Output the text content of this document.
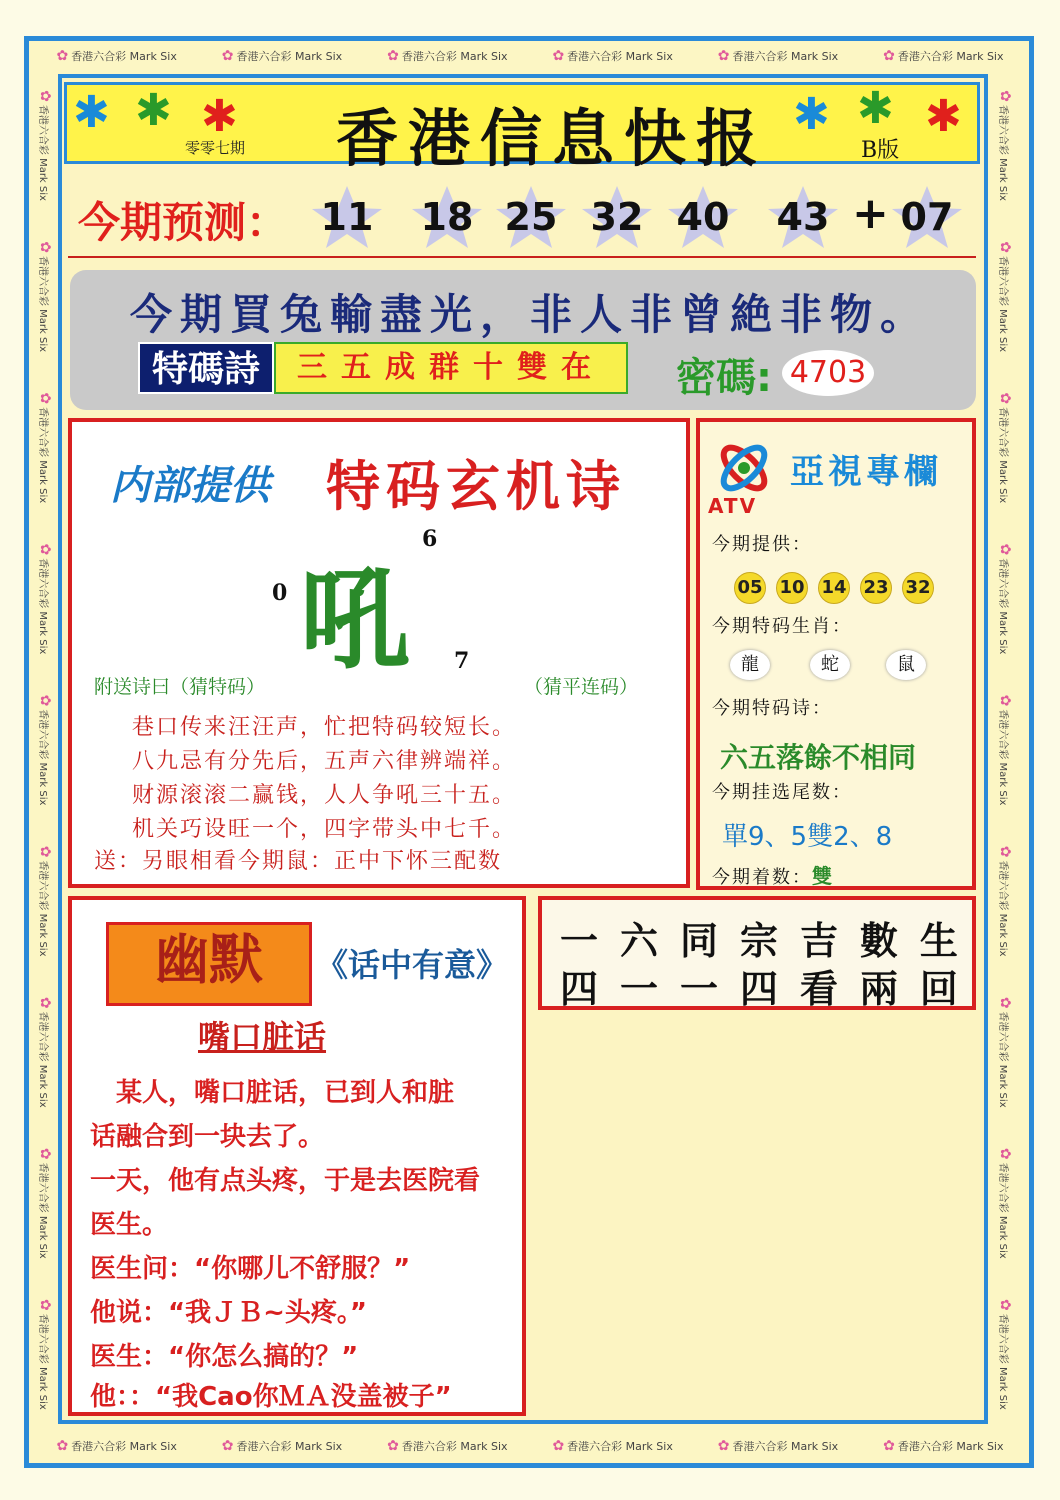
✿ 香港六合彩 Mark Six	✿ 香港六合彩 Mark Six	✿ 香港六合彩 Mark Six	✿ 香港六合彩 Mark Six	✿ 香港六合彩 Mark Six	✿ 香港六合彩 Mark Six
✿ 香港六合彩 Mark Six	✿ 香港六合彩 Mark Six	✿ 香港六合彩 Mark Six	✿ 香港六合彩 Mark Six	✿ 香港六合彩 Mark Six	✿ 香港六合彩 Mark Six
✿
香港六合彩 Mark Six
✿
香港六合彩 Mark Six
✿
香港六合彩 Mark Six
✿
香港六合彩 Mark Six
✿
香港六合彩 Mark Six
✿
香港六合彩 Mark Six
✿
香港六合彩 Mark Six
✿
香港六合彩 Mark Six
✿
香港六合彩 Mark Six
✿
香港六合彩 Mark Six
✿
香港六合彩 Mark Six
✿
香港六合彩 Mark Six
✿
香港六合彩 Mark Six
✿
香港六合彩 Mark Six
✿
香港六合彩 Mark Six
✿
香港六合彩 Mark Six
✿
香港六合彩 Mark Six
✿
香港六合彩 Mark Six
✱ ✱ ✱
零零七期	香港信息快报 ✱ ✱ ✱
B版
今期预测： 11 18 25 32 40 43 + 07
今期買兔輸盡光，非人非曾絶非物。
特碼詩	三五成群十雙在	密碼: 4703
内部提供 特码玄机诗
0
6
7
吼
附送诗曰（猜特码）	（猜平连码）
巷口传来汪汪声，忙把特码较短长。
八九忌有分先后，五声六律辨端祥。
财源滚滚二赢钱，人人争吼三十五。
机关巧设旺一个，四字带头中七千。
送：另眼相看今期鼠：正中下怀三配数
ATV
亞視專欄
今期提供：
05 10 14 23 32
今期特码生肖：
龍	蛇	鼠
今期特码诗：
六五落餘不相同
今期挂选尾数：
單9、5雙2、8
今期着数：雙
幽默	《话中有意》
嘴口脏话
　某人，嘴口脏话，已到人和脏
话融合到一块去了。
一天，他有点头疼，于是去医院看
医生。
医生问：“你哪儿不舒服？”
他说：“我ＪＢ~头疼。”
医生：“你怎么搞的？”
他：：“我Cao你ＭＡ没盖被子”
一 六 同 宗 吉 數 生
四 一 一 四 看 兩 回
